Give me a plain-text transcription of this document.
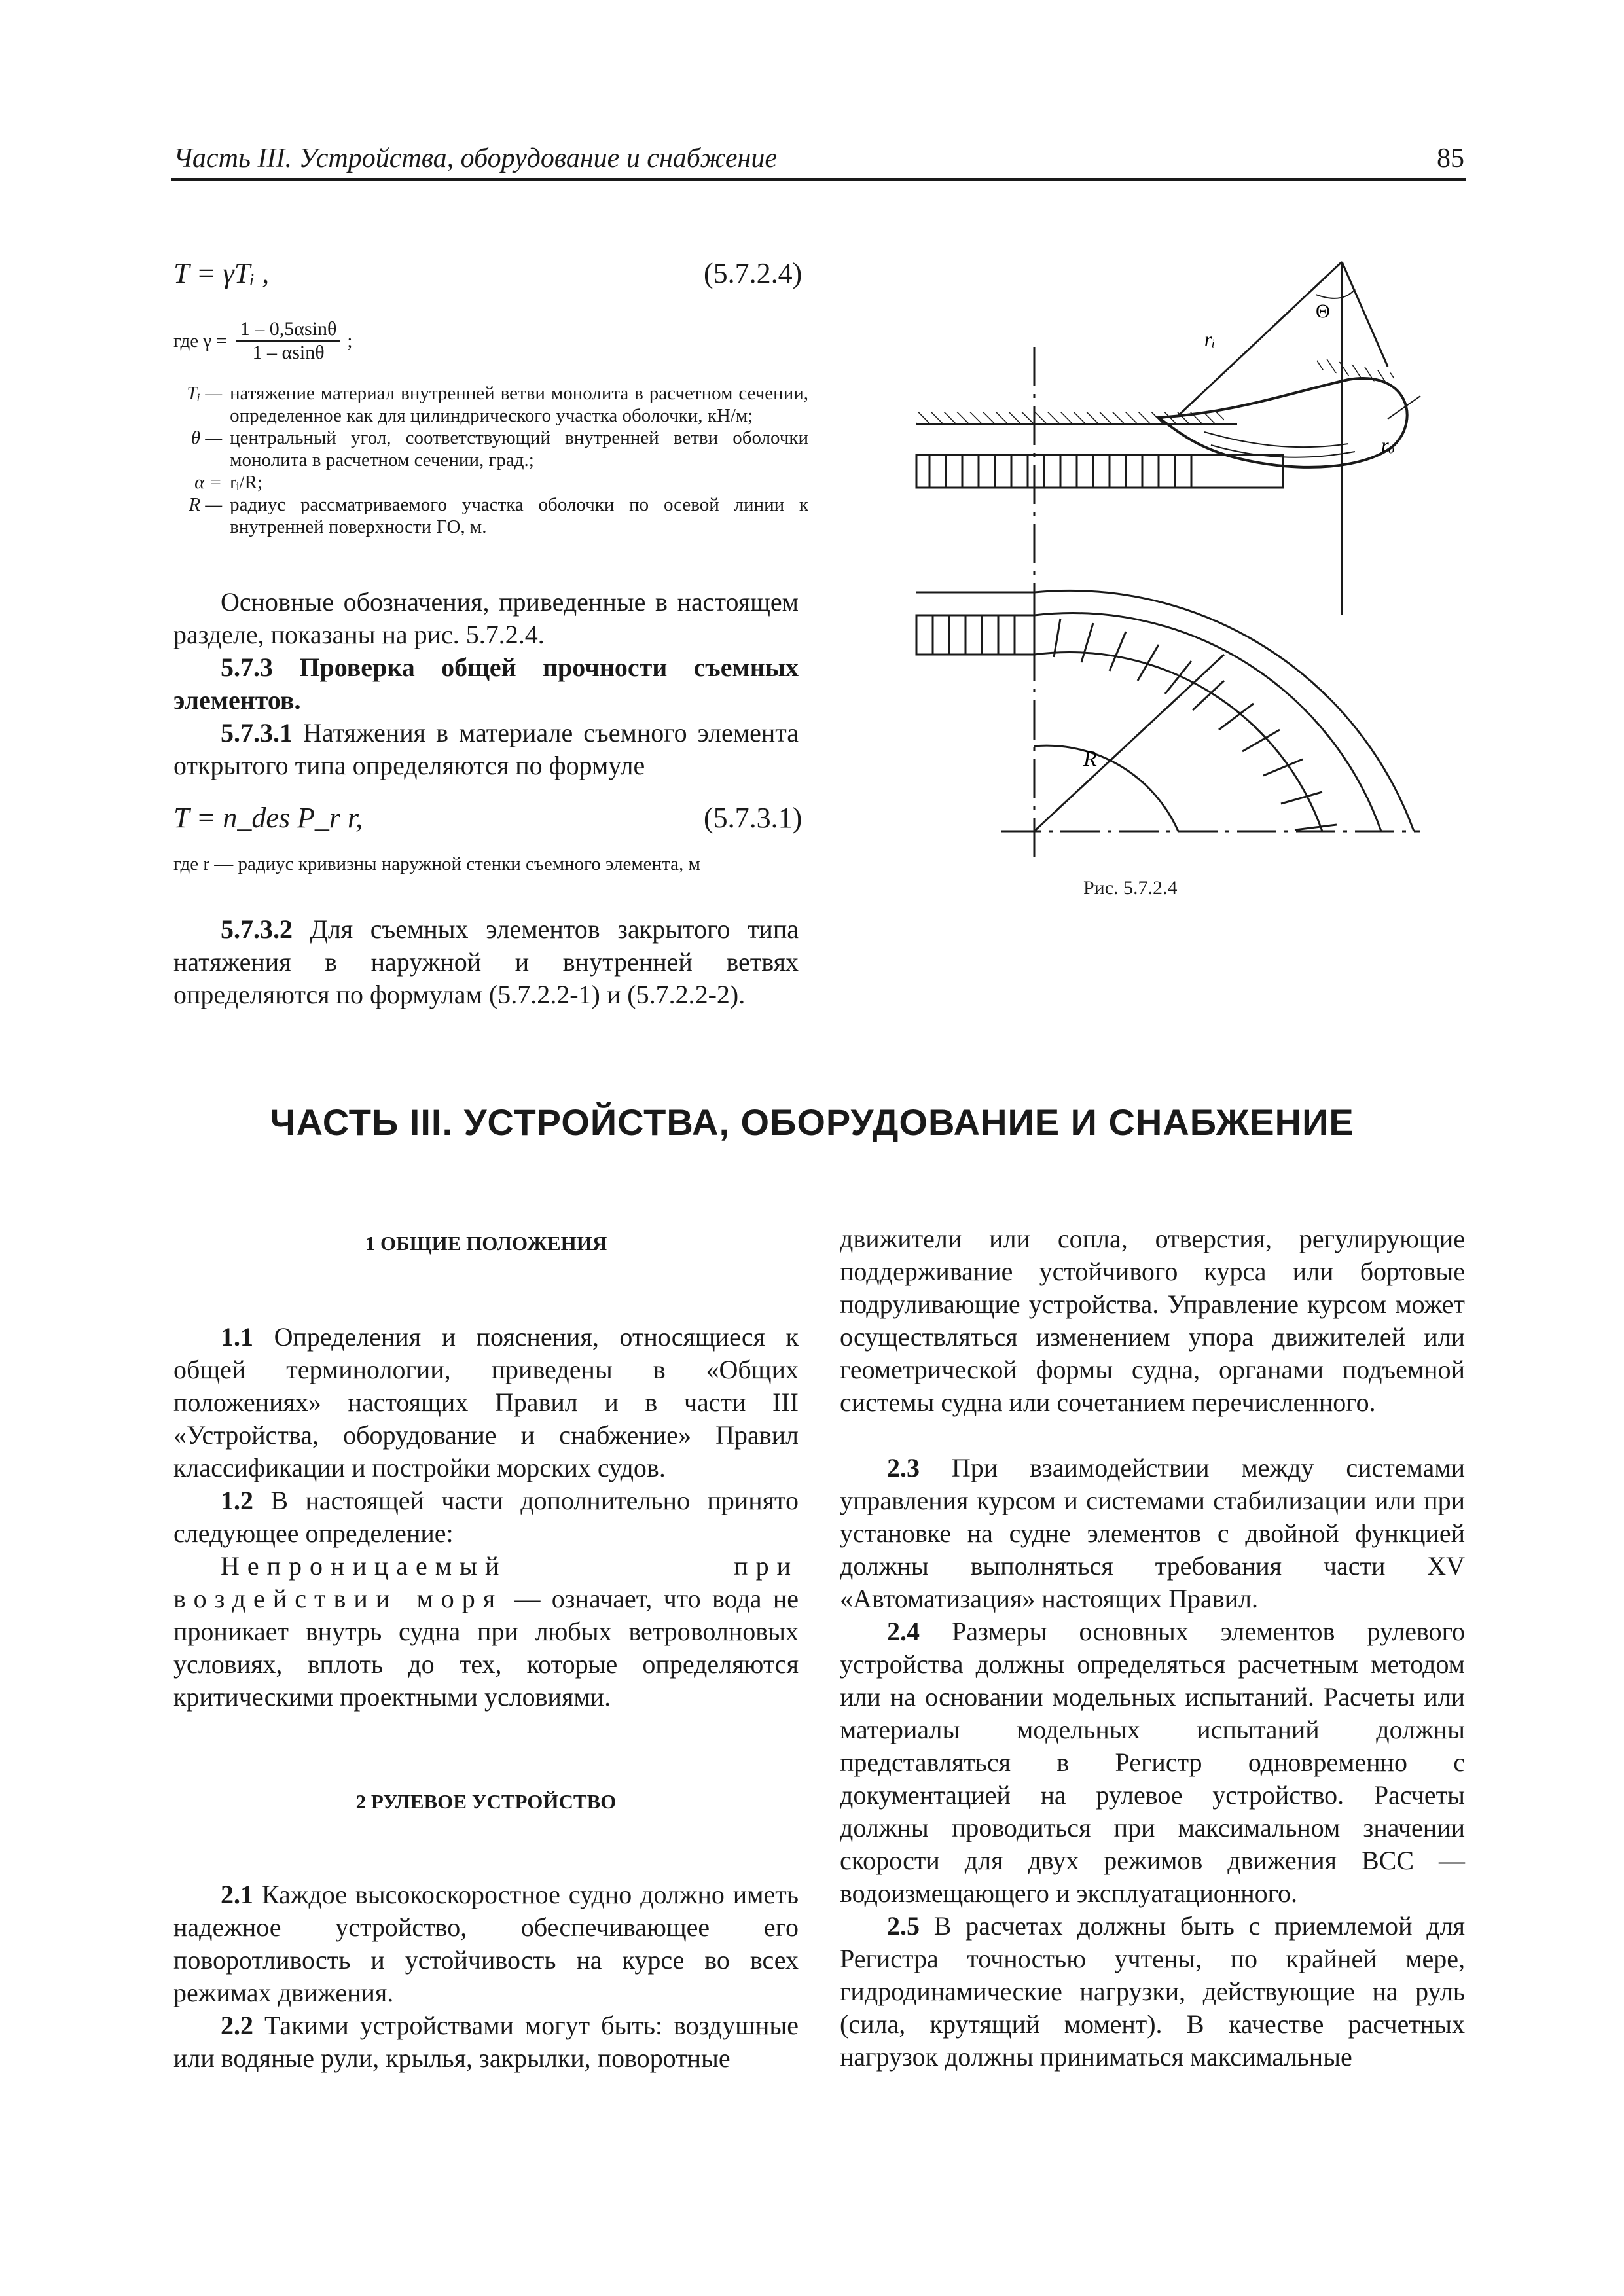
Часть III. Устройства, оборудование и снабжение	85
T = γTᵢ ,	(5.7.2.4)
где $\gamma = \frac{1 - 0,5\alpha\sin\theta}{1 - \alpha\sin\theta}$ ;
Tᵢ — натяжение материал внутренней ветви монолита в расчетном сечении, определенное как для цилиндрического участка оболочки, кН/м;
θ — центральный угол, соответствующий внутренней ветви оболочки монолита в расчетном сечении, град.;
α = rᵢ/R;
R — радиус рассматриваемого участка оболочки по осевой линии к внутренней поверхности ГО, м.
Основные обозначения, приведенные в настоящем разделе, показаны на рис. 5.7.2.4.
5.7.3 Проверка общей прочности съемных элементов.
5.7.3.1 Натяжения в материале съемного элемента открытого типа определяются по формуле
T = n_des P_r r,	(5.7.3.1)
где r — радиус кривизны наружной стенки съемного элемента, м
5.7.3.2 Для съемных элементов закрытого типа натяжения в наружной и внутренней ветвях определяются по формулам (5.7.2.2-1) и (5.7.2.2-2).
rᵢ
rₒ
Θ
R
Рис. 5.7.2.4
ЧАСТЬ III. УСТРОЙСТВА, ОБОРУДОВАНИЕ И СНАБЖЕНИЕ
1 ОБЩИЕ ПОЛОЖЕНИЯ
1.1 Определения и пояснения, относящиеся к общей терминологии, приведены в «Общих положениях» настоящих Правил и в части III «Устройства, оборудование и снабжение» Правил классификации и постройки морских судов.
1.2 В настоящей части дополнительно принято следующее определение:
Непроницаемый при воздействии моря — означает, что вода не проникает внутрь судна при любых ветроволновых условиях, вплоть до тех, которые определяются критическими проектными условиями.
2 РУЛЕВОЕ УСТРОЙСТВО
2.1 Каждое высокоскоростное судно должно иметь надежное устройство, обеспечивающее его поворотливость и устойчивость на курсе во всех режимах движения.
2.2 Такими устройствами могут быть: воздушные или водяные рули, крылья, закрылки, поворотные
движители или сопла, отверстия, регулирующие поддерживание устойчивого курса или бортовые подруливающие устройства. Управление курсом может осуществляться изменением упора движителей или геометрической формы судна, органами подъемной системы судна или сочетанием перечисленного.
2.3 При взаимодействии между системами управления курсом и системами стабилизации или при установке на судне элементов с двойной функцией должны выполняться требования части XV «Автоматизация» настоящих Правил.
2.4 Размеры основных элементов рулевого устройства должны определяться расчетным методом или на основании модельных испытаний. Расчеты или материалы модельных испытаний должны представляться в Регистр одновременно с документацией на рулевое устройство. Расчеты должны проводиться при максимальном значении скорости для двух режимов движения ВСС — водоизмещающего и эксплуатационного.
2.5 В расчетах должны быть с приемлемой для Регистра точностью учтены, по крайней мере, гидродинамические нагрузки, действующие на руль (сила, крутящий момент). В качестве расчетных нагрузок должны приниматься максимальные
